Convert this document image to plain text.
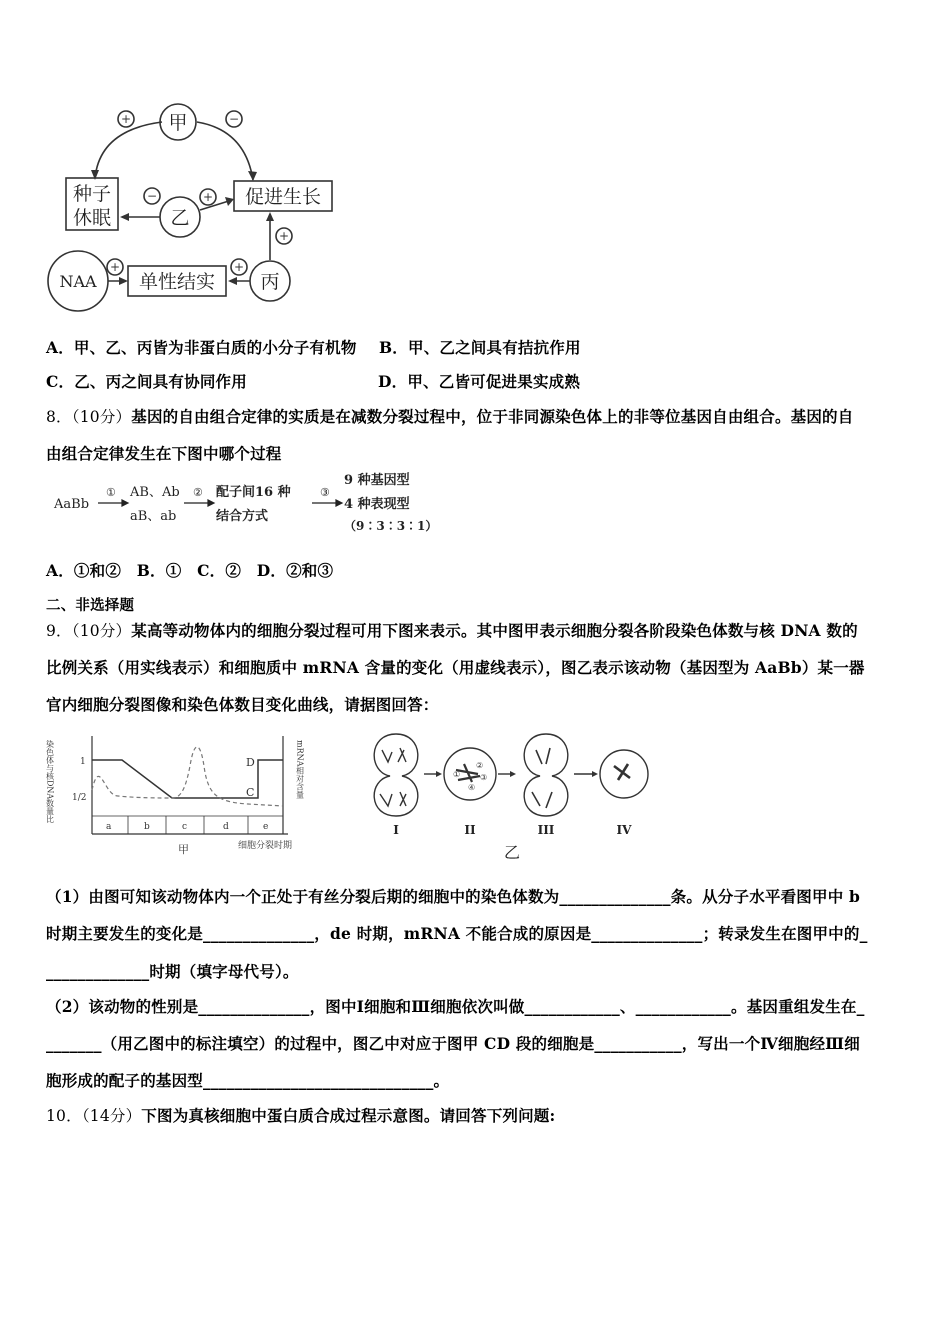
+	−
−	+
+
+
+
甲
乙
丙
种子
休眠
促进生长
单性结实
NAA
A．甲、乙、丙皆为非蛋白质的小分子有机物 B．甲、乙之间具有拮抗作用
C．乙、丙之间具有协同作用	D．甲、乙皆可促进果实成熟
8．（10分）基因的自由组合定律的实质是在减数分裂过程中，位于非同源染色体上的非等位基因自由组合。基因的自
由组合定律发生在下图中哪个过程
AaBb
① AB、Ab
aB、ab
② 配子间16 种
结合方式
③
9 种基因型
4 种表现型
（9∶3∶3∶1）
A．①和②　B．①　C．②　D．②和③
二、非选择题
9．（10分）某高等动物体内的细胞分裂过程可用下图来表示。其中图甲表示细胞分裂各阶段染色体数与核 DNA 数的
比例关系（用实线表示）和细胞质中 mRNA 含量的变化（用虚线表示），图乙表示该动物（基因型为 AaBb）某一器
官内细胞分裂图像和染色体数目变化曲线，请据图回答：
染色体与核DNA数量比	mRNA相对含量
1
1/2
a	b	c	d	e
D
C
甲	细胞分裂时期
①
②
③
④
I	II	III	IV
乙
（1）由图可知该动物体内一个正处于有丝分裂后期的细胞中的染色体数为______________条。从分子水平看图甲中 b
时期主要发生的变化是______________，de 时期，mRNA 不能合成的原因是______________；转录发生在图甲中的_
_____________时期（填字母代号）。
（2）该动物的性别是______________，图中Ⅰ细胞和Ⅲ细胞依次叫做____________、____________。基因重组发生在_
_______（用乙图中的标注填空）的过程中，图乙中对应于图甲 CD 段的细胞是___________，写出一个Ⅳ细胞经Ⅲ细
胞形成的配子的基因型_____________________________。
10．（14分）下图为真核细胞中蛋白质合成过程示意图。请回答下列问题:
